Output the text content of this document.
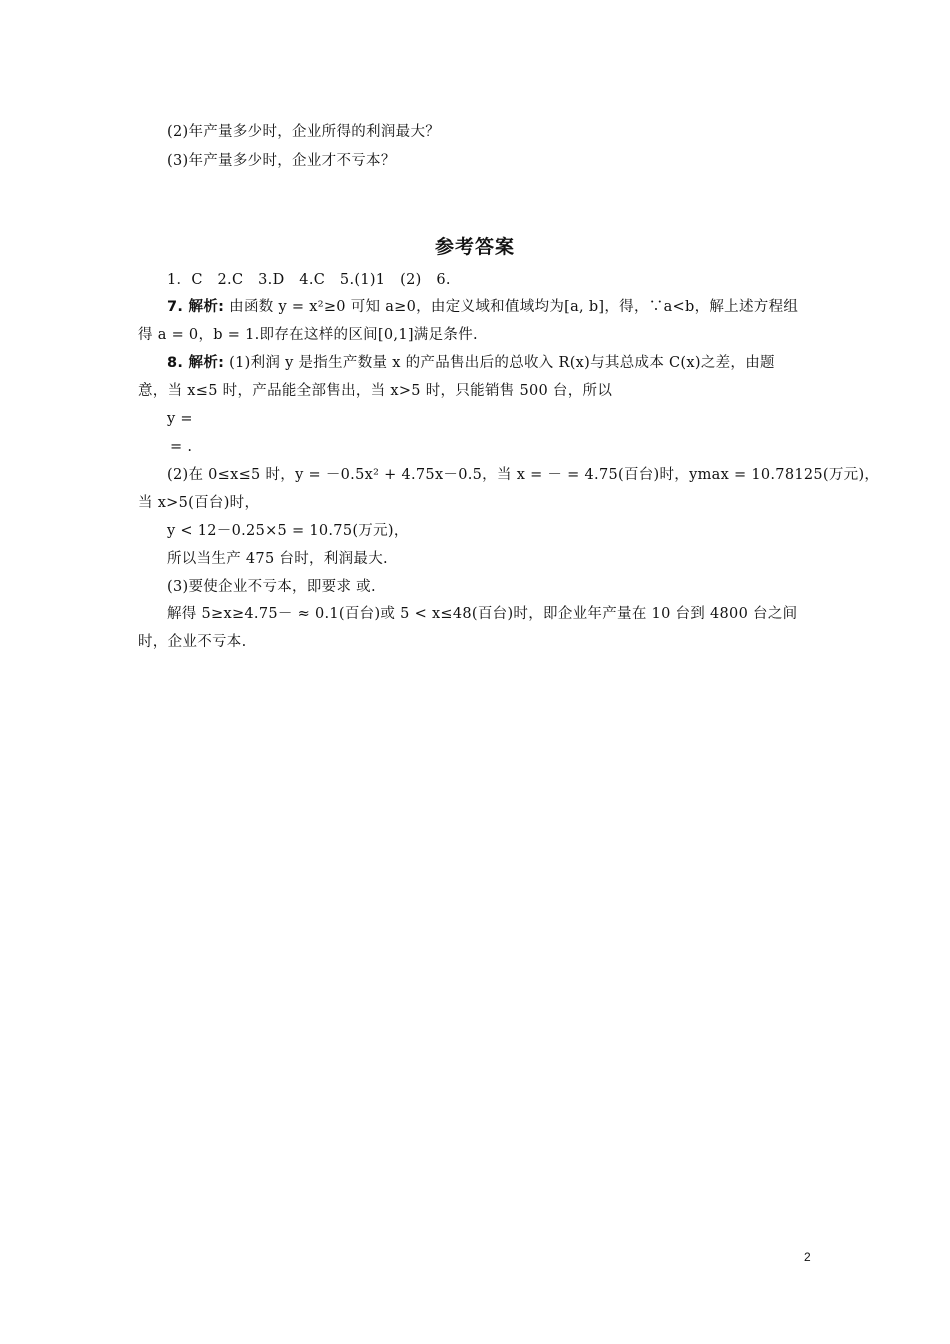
(2)年产量多少时，企业所得的利润最大？
(3)年产量多少时，企业才不亏本？
参考答案
1．C　2.C　3.D　4.C　5.(1)1　(2)　6.
7. 解析: 由函数 y = x²≥0 可知 a≥0，由定义域和值域均为[a, b]，得，∵a<b，解上述方程组
得 a = 0，b = 1.即存在这样的区间[0,1]满足条件.
8. 解析: (1)利润 y 是指生产数量 x 的产品售出后的总收入 R(x)与其总成本 C(x)之差，由题
意，当 x≤5 时，产品能全部售出，当 x>5 时，只能销售 500 台，所以
y =
= .
(2)在 0≤x≤5 时，y = －0.5x² + 4.75x－0.5，当 x = － = 4.75(百台)时，ymax = 10.78125(万元)，
当 x>5(百台)时，
y < 12－0.25×5 = 10.75(万元)，
所以当生产 475 台时，利润最大.
(3)要使企业不亏本，即要求 或.
解得 5≥x≥4.75－ ≈ 0.1(百台)或 5 < x≤48(百台)时，即企业年产量在 10 台到 4800 台之间
时，企业不亏本.
2
